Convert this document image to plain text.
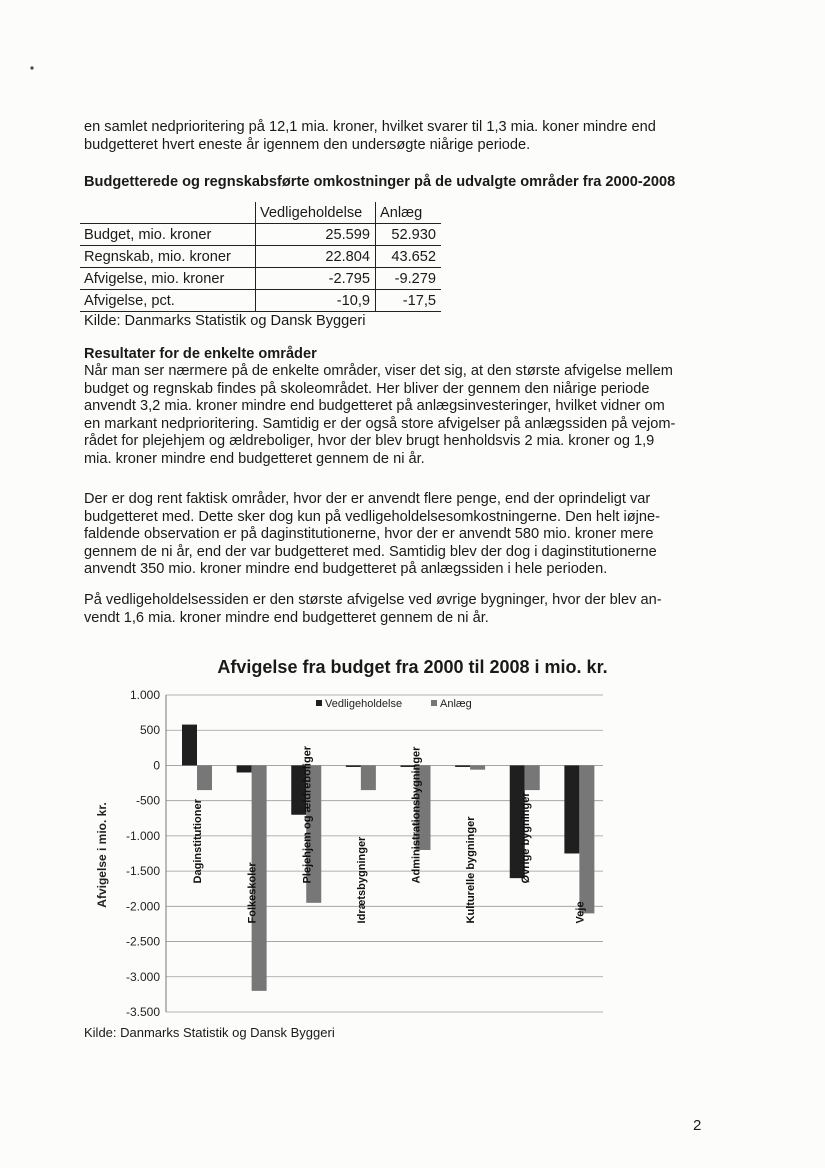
en samlet nedprioritering på 12,1 mia. kroner, hvilket svarer til 1,3 mia. koner mindre end
budgetteret hvert eneste år igennem den undersøgte niårige periode.
Budgetterede og regnskabsførte omkostninger på de udvalgte områder fra 2000-2008
	Vedligeholdelse	Anlæg
Budget, mio. kroner	25.599	52.930
Regnskab, mio. kroner	22.804	43.652
Afvigelse, mio. kroner	-2.795	-9.279
Afvigelse, pct.	-10,9	-17,5
Kilde: Danmarks Statistik og Dansk Byggeri
Resultater for de enkelte områder
Når man ser nærmere på de enkelte områder, viser det sig, at den største afvigelse mellem
budget og regnskab findes på skoleområdet. Her bliver der gennem den niårige periode
anvendt 3,2 mia. kroner mindre end budgetteret på anlægsinvesteringer, hvilket vidner om
en markant nedprioritering. Samtidig er der også store afvigelser på anlægssiden på vejom-
rådet for plejehjem og ældreboliger, hvor der blev brugt henholdsvis 2 mia. kroner og 1,9
mia. kroner mindre end budgetteret gennem de ni år.
Der er dog rent faktisk områder, hvor der er anvendt flere penge, end der oprindeligt var
budgetteret med. Dette sker dog kun på vedligeholdelsesomkostningerne. Den helt iøjne-
faldende observation er på daginstitutionerne, hvor der er anvendt 580 mio. kroner mere
gennem de ni år, end der var budgetteret med. Samtidig blev der dog i daginstitutionerne
anvendt 350 mio. kroner mindre end budgetteret på anlægssiden i hele perioden.
På vedligeholdelsessiden er den største afvigelse ved øvrige bygninger, hvor der blev an-
vendt 1,6 mia. kroner mindre end budgetteret gennem de ni år.
Afvigelse fra budget fra 2000 til 2008 i mio. kr.
1.000
500
0
-500
-1.000
-1.500
-2.000
-2.500
-3.000
-3.500
Afvigelse i mio. kr.	Daginstitutioner
Folkeskoler
Plejehjem og ældreboliger	Idrætsbygninger	Administrationsbygninger	Kulturelle bygninger	Øvrige bygninger
Veje
Vedligeholdelse	Anlæg
Kilde: Danmarks Statistik og Dansk Byggeri
2
